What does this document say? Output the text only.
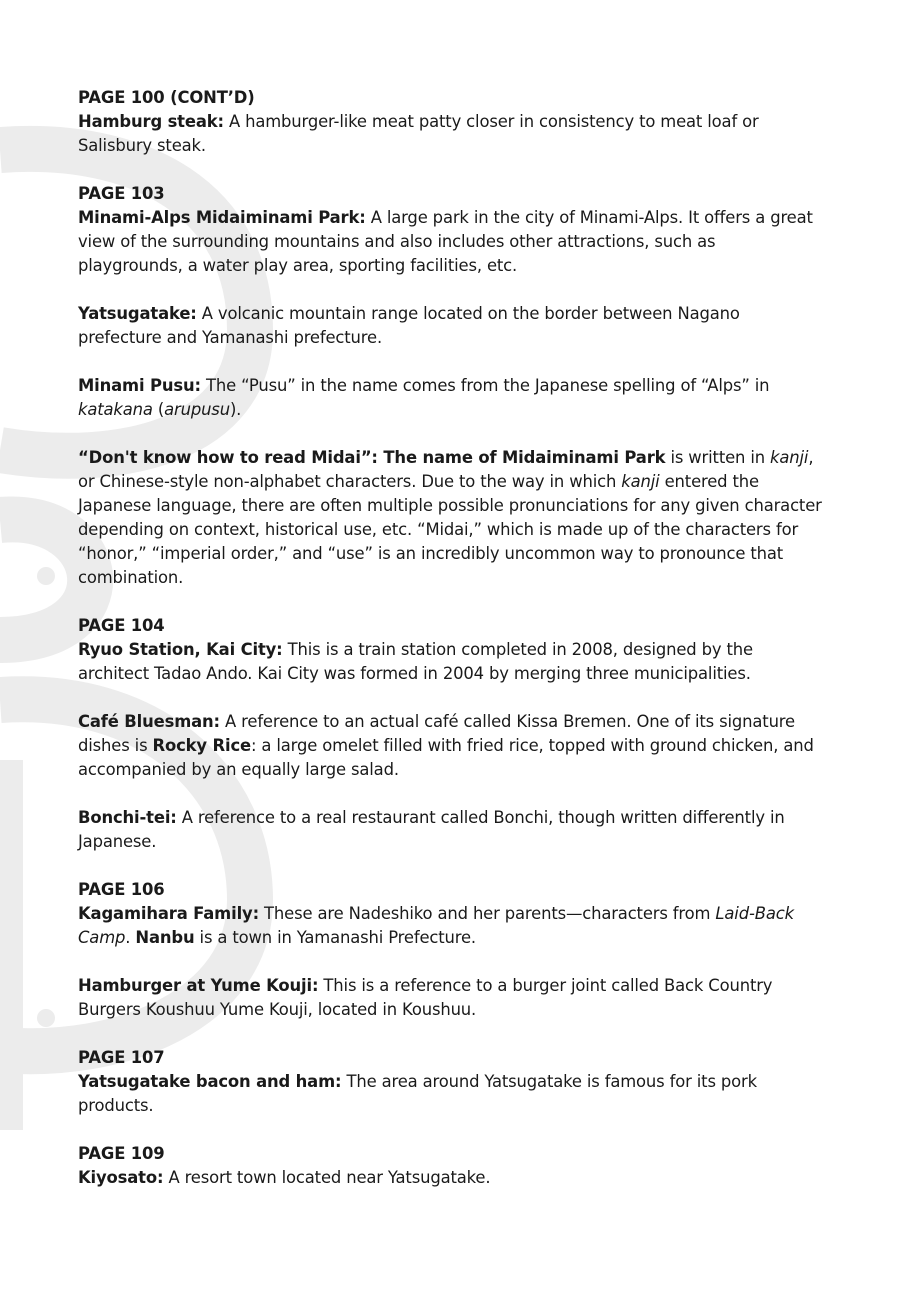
PAGE 100 (CONT’D)

Hamburg steak: A hamburger-like meat patty closer in consistency to meat loaf or Salisbury steak.

PAGE 103

Minami-Alps Midaiminami Park: A large park in the city of Minami-Alps. It offers a great view of the surrounding mountains and also includes other attractions, such as playgrounds, a water play area, sporting facilities, etc.

Yatsugatake: A volcanic mountain range located on the border between Nagano prefecture and Yamanashi prefecture.

Minami Pusu: The “Pusu” in the name comes from the Japanese spelling of “Alps” in katakana (arupusu).

“Don't know how to read Midai”: The name of Midaiminami Park is written in kanji, or Chinese-style non-alphabet characters. Due to the way in which kanji entered the Japanese language, there are often multiple possible pronunciations for any given character depending on context, historical use, etc. “Midai,” which is made up of the characters for “honor,” “imperial order,” and “use” is an incredibly uncommon way to pronounce that combination.

PAGE 104

Ryuo Station, Kai City: This is a train station completed in 2008, designed by the architect Tadao Ando. Kai City was formed in 2004 by merging three municipalities.

Café Bluesman: A reference to an actual café called Kissa Bremen. One of its signature dishes is Rocky Rice: a large omelet filled with fried rice, topped with ground chicken, and accompanied by an equally large salad.

Bonchi-tei: A reference to a real restaurant called Bonchi, though written differently in Japanese.

PAGE 106

Kagamihara Family: These are Nadeshiko and her parents—characters from Laid-Back Camp. Nanbu is a town in Yamanashi Prefecture.

Hamburger at Yume Kouji: This is a reference to a burger joint called Back Country Burgers Koushuu Yume Kouji, located in Koushuu.

PAGE 107

Yatsugatake bacon and ham: The area around Yatsugatake is famous for its pork products.

PAGE 109

Kiyosato: A resort town located near Yatsugatake.
